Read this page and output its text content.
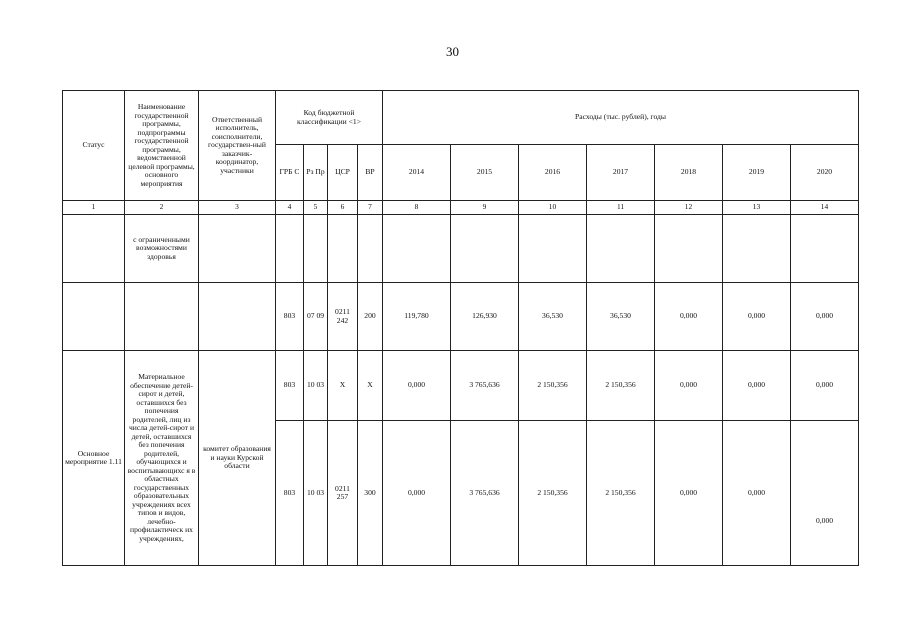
30
Статус	Наименование государственной программы, подпрограммы государственной программы, ведомственной целевой программы, основного мероприятия	Ответственный исполнитель, соисполнители, государствен-ный заказчик-координатор, участники	Код бюджетной классификации <1>				Расходы (тыс. рублей), годы						
			ГРБ С	Рз Пр	ЦСР	ВР	2014	2015	2016	2017	2018	2019	2020
1	2	3	4	5	6	7	8	9	10	11	12	13	14
	с ограниченными возможностями здоровья												
			803	07 09	0211 242	200	119,780	126,930	36,530	36,530	0,000	0,000	0,000
Основное мероприятие 1.11	Материальное обеспечение детей-сирот и детей, оставшихся без попечения родителей, лиц из числа детей-сирот и детей, оставшихся без попечения родителей, обучающихся и воспитывающихс я в областных государственных образовательных учреждениях всех типов и видов, лечебно-профилактическ их учреждениях,	комитет образования и науки Курской области	803	10 03	X	X	0,000	3 765,636	2 150,356	2 150,356	0,000	0,000	0,000
			803	10 03	0211 257	300	0,000	3 765,636	2 150,356	2 150,356	0,000	0,000	0,000
